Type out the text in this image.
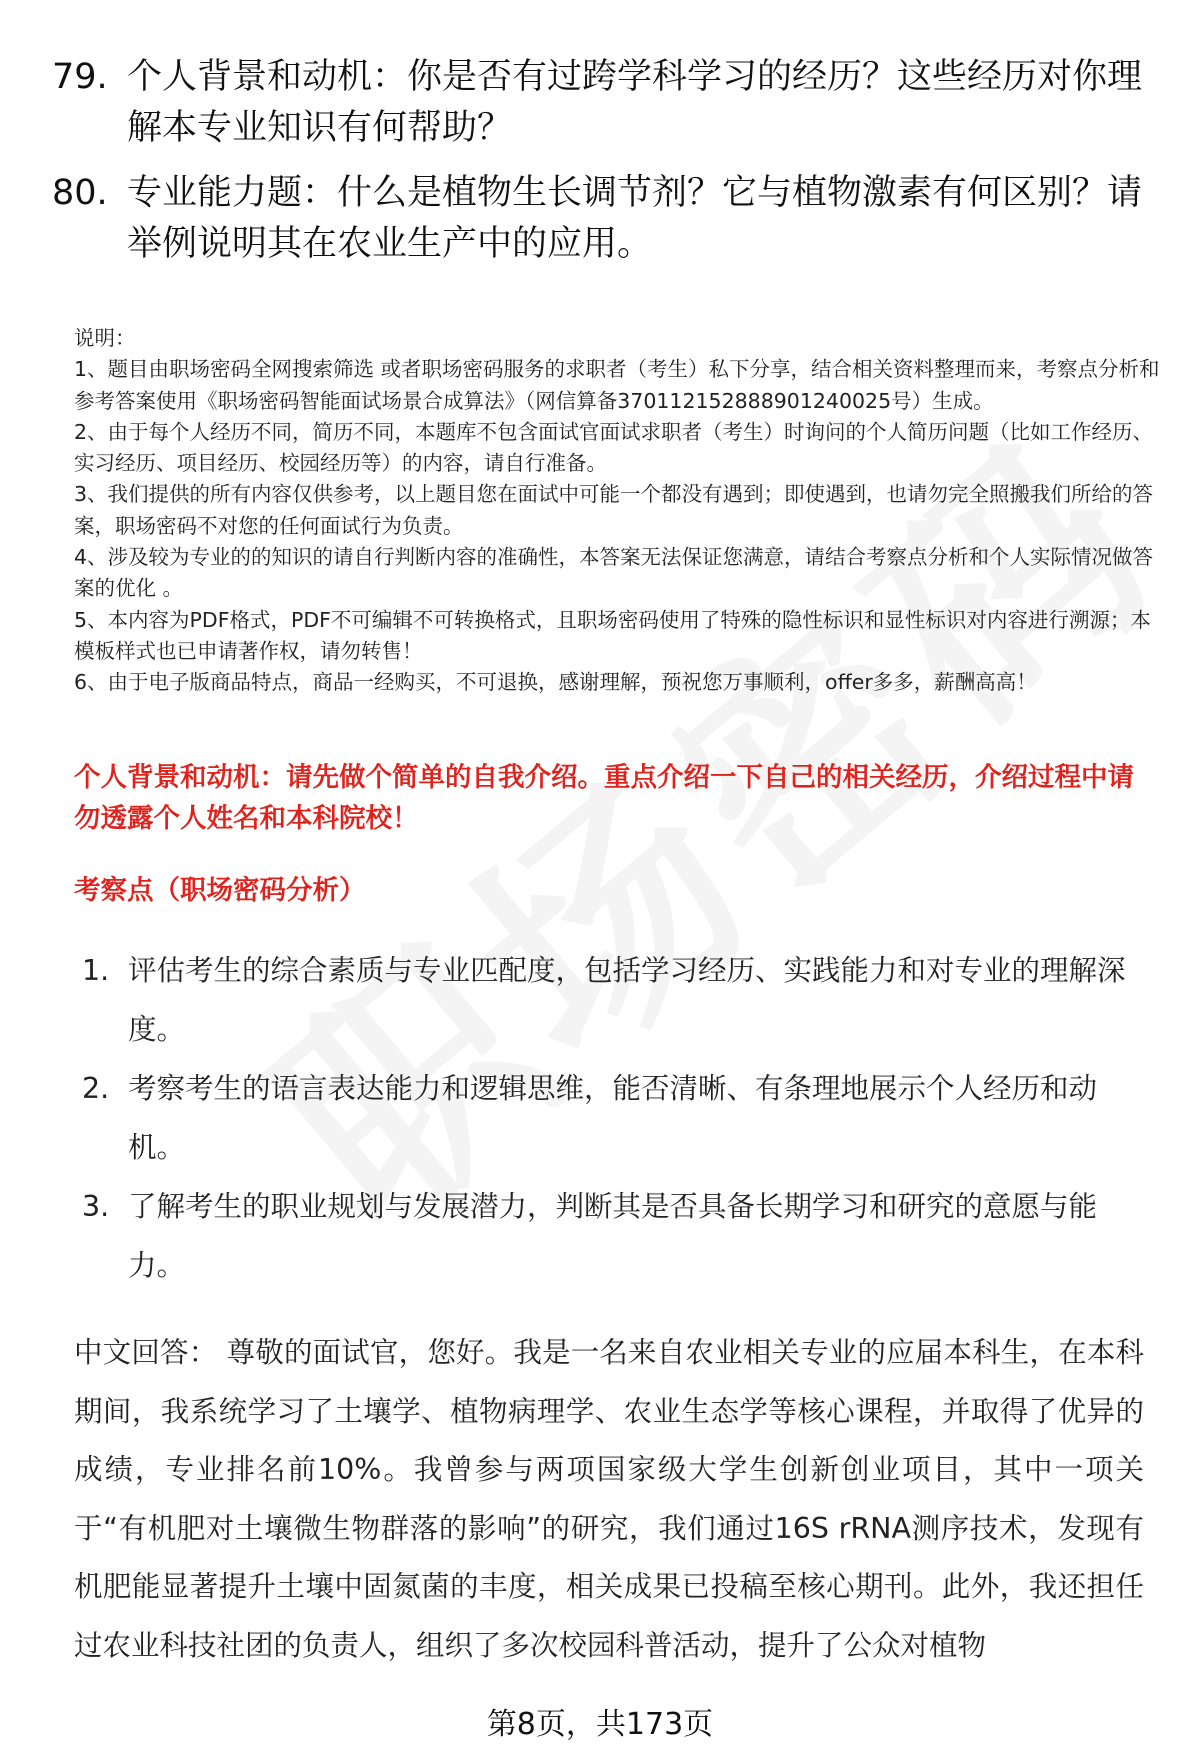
79. 个人背景和动机：你是否有过跨学科学习的经历？这些经历对你理解本专业知识有何帮助？
80. 专业能力题：什么是植物生长调节剂？它与植物激素有何区别？请举例说明其在农业生产中的应用。

说明：

1、题目由职场密码全网搜索筛选 或者职场密码服务的求职者（考生）私下分享，结合相关资料整理而来，考察点分析和参考答案使用《职场密码智能面试场景合成算法》（网信算备370112152888901240025号）生成。

2、由于每个人经历不同，简历不同，本题库不包含面试官面试求职者（考生）时询问的个人简历问题（比如工作经历、实习经历、项目经历、校园经历等）的内容，请自行准备。

3、我们提供的所有内容仅供参考，以上题目您在面试中可能一个都没有遇到；即使遇到，也请勿完全照搬我们所给的答案，职场密码不对您的任何面试行为负责。

4、涉及较为专业的的知识的请自行判断内容的准确性，本答案无法保证您满意，请结合考察点分析和个人实际情况做答案的优化 。

5、本内容为PDF格式，PDF不可编辑不可转换格式，且职场密码使用了特殊的隐性标识和显性标识对内容进行溯源；本模板样式也已申请著作权，请勿转售！

6、由于电子版商品特点，商品一经购买，不可退换，感谢理解，预祝您万事顺利，offer多多，薪酬高高！

个人背景和动机：请先做个简单的自我介绍。重点介绍一下自己的相关经历，介绍过程中请勿透露个人姓名和本科院校！
考察点（职场密码分析）
1. 评估考生的综合素质与专业匹配度，包括学习经历、实践能力和对专业的理解深度。
2. 考察考生的语言表达能力和逻辑思维，能否清晰、有条理地展示个人经历和动机。
3. 了解考生的职业规划与发展潜力，判断其是否具备长期学习和研究的意愿与能力。
中文回答： 尊敬的面试官，您好。我是一名来自农业相关专业的应届本科生，在本科期间，我系统学习了土壤学、植物病理学、农业生态学等核心课程，并取得了优异的成绩，专业排名前10%。我曾参与两项国家级大学生创新创业项目，其中一项关于“有机肥对土壤微生物群落的影响”的研究，我们通过16S rRNA测序技术，发现有机肥能显著提升土壤中固氮菌的丰度，相关成果已投稿至核心期刊。此外，我还担任过农业科技社团的负责人，组织了多次校园科普活动，提升了公众对植物
第8页，共173页
